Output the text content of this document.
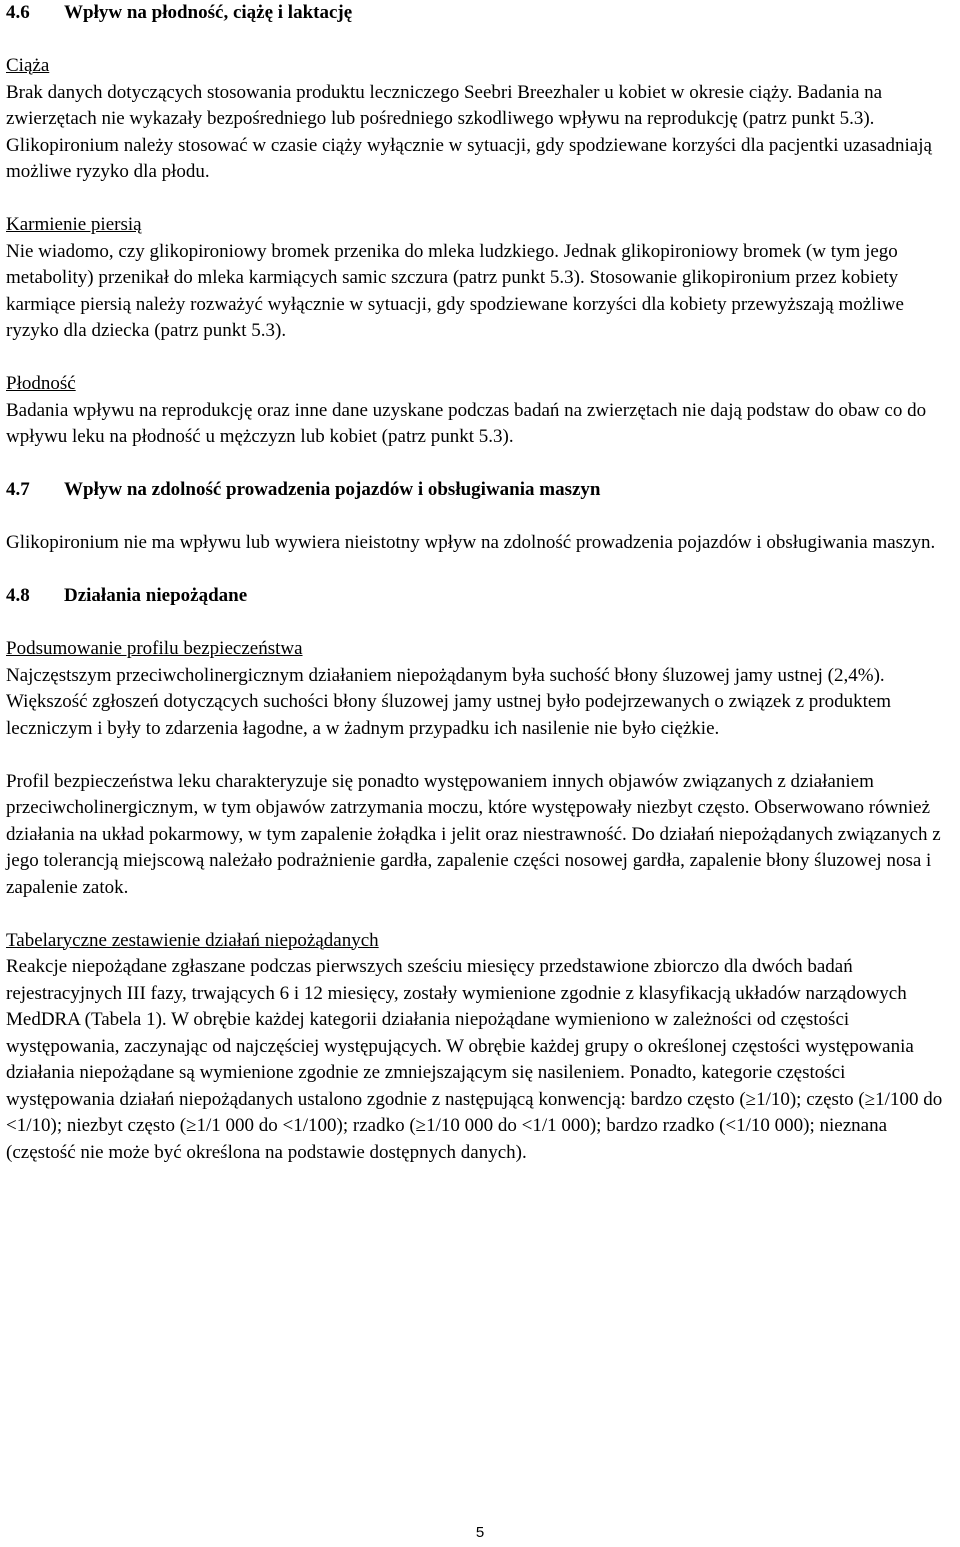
4.6	Wpływ na płodność, ciążę i laktację

Ciąża

Brak danych dotyczących stosowania produktu leczniczego Seebri Breezhaler u kobiet w okresie ciąży. Badania na zwierzętach nie wykazały bezpośredniego lub pośredniego szkodliwego wpływu na reprodukcję (patrz punkt 5.3). Glikopironium należy stosować w czasie ciąży wyłącznie w sytuacji, gdy spodziewane korzyści dla pacjentki uzasadniają możliwe ryzyko dla płodu.

Karmienie piersią

Nie wiadomo, czy glikopironiowy bromek przenika do mleka ludzkiego. Jednak glikopironiowy bromek (w tym jego metabolity) przenikał do mleka karmiących samic szczura (patrz punkt 5.3). Stosowanie glikopironium przez kobiety karmiące piersią należy rozważyć wyłącznie w sytuacji, gdy spodziewane korzyści dla kobiety przewyższają możliwe ryzyko dla dziecka (patrz punkt 5.3).

Płodność

Badania wpływu na reprodukcję oraz inne dane uzyskane podczas badań na zwierzętach nie dają podstaw do obaw co do wpływu leku na płodność u mężczyzn lub kobiet (patrz punkt 5.3).

4.7	Wpływ na zdolność prowadzenia pojazdów i obsługiwania maszyn

Glikopironium nie ma wpływu lub wywiera nieistotny wpływ na zdolność prowadzenia pojazdów i obsługiwania maszyn.

4.8	Działania niepożądane

Podsumowanie profilu bezpieczeństwa

Najczęstszym przeciwcholinergicznym działaniem niepożądanym była suchość błony śluzowej jamy ustnej (2,4%). Większość zgłoszeń dotyczących suchości błony śluzowej jamy ustnej było podejrzewanych o związek z produktem leczniczym i były to zdarzenia łagodne, a w żadnym przypadku ich nasilenie nie było ciężkie.

Profil bezpieczeństwa leku charakteryzuje się ponadto występowaniem innych objawów związanych z działaniem przeciwcholinergicznym, w tym objawów zatrzymania moczu, które występowały niezbyt często. Obserwowano również działania na układ pokarmowy, w tym zapalenie żołądka i jelit oraz niestrawność. Do działań niepożądanych związanych z jego tolerancją miejscową należało podrażnienie gardła, zapalenie części nosowej gardła, zapalenie błony śluzowej nosa i zapalenie zatok.

Tabelaryczne zestawienie działań niepożądanych

Reakcje niepożądane zgłaszane podczas pierwszych sześciu miesięcy przedstawione zbiorczo dla dwóch badań rejestracyjnych III fazy, trwających 6 i 12 miesięcy, zostały wymienione zgodnie z klasyfikacją układów narządowych MedDRA (Tabela 1). W obrębie każdej kategorii działania niepożądane wymieniono w zależności od częstości występowania, zaczynając od najczęściej występujących. W obrębie każdej grupy o określonej częstości występowania działania niepożądane są wymienione zgodnie ze zmniejszającym się nasileniem. Ponadto, kategorie częstości występowania działań niepożądanych ustalono zgodnie z następującą konwencją: bardzo często (≥1/10); często (≥1/100 do <1/10); niezbyt często (≥1/1 000 do <1/100); rzadko (≥1/10 000 do <1/1 000); bardzo rzadko (<1/10 000); nieznana (częstość nie może być określona na podstawie dostępnych danych).

5
